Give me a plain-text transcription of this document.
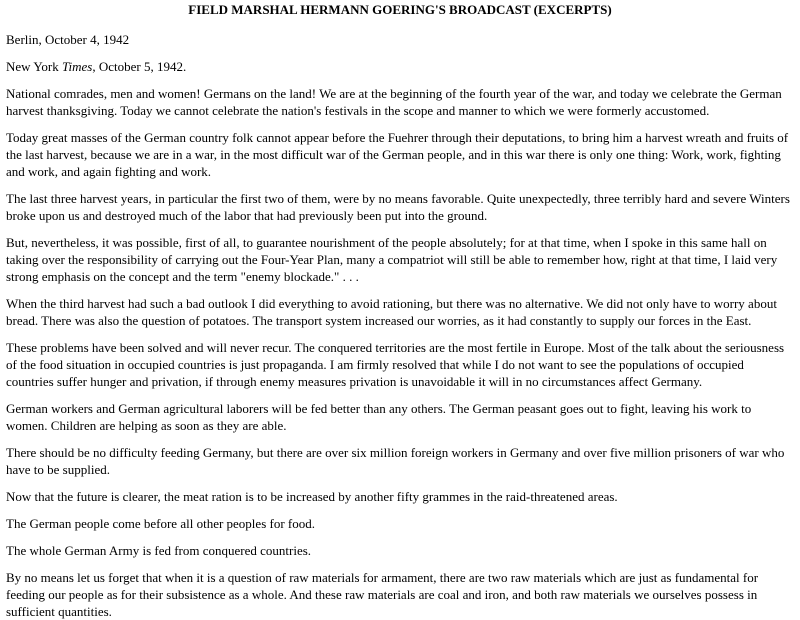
FIELD MARSHAL HERMANN GOERING'S BROADCAST (EXCERPTS)

Berlin, October 4, 1942

New York Times, October 5, 1942.

National comrades, men and women! Germans on the land! We are at the beginning of the fourth year of the war, and today we celebrate the German harvest thanksgiving. Today we cannot celebrate the nation's festivals in the scope and manner to which we were formerly accustomed.

Today great masses of the German country folk cannot appear before the Fuehrer through their deputations, to bring him a harvest wreath and fruits of the last harvest, because we are in a war, in the most difficult war of the German people, and in this war there is only one thing: Work, work, fighting and work, and again fighting and work.

The last three harvest years, in particular the first two of them, were by no means favorable. Quite unexpectedly, three terribly hard and severe Winters broke upon us and destroyed much of the labor that had previously been put into the ground.

But, nevertheless, it was possible, first of all, to guarantee nourishment of the people absolutely; for at that time, when I spoke in this same hall on taking over the responsibility of carrying out the Four-Year Plan, many a compatriot will still be able to remember how, right at that time, I laid very strong emphasis on the concept and the term "enemy blockade." . . .

When the third harvest had such a bad outlook I did everything to avoid rationing, but there was no alternative. We did not only have to worry about bread. There was also the question of potatoes. The transport system increased our worries, as it had constantly to supply our forces in the East.

These problems have been solved and will never recur. The conquered territories are the most fertile in Europe. Most of the talk about the seriousness of the food situation in occupied countries is just propaganda. I am firmly resolved that while I do not want to see the populations of occupied countries suffer hunger and privation, if through enemy measures privation is unavoidable it will in no circumstances affect Germany.

German workers and German agricultural laborers will be fed better than any others. The German peasant goes out to fight, leaving his work to women. Children are helping as soon as they are able.

There should be no difficulty feeding Germany, but there are over six million foreign workers in Germany and over five million prisoners of war who have to be supplied.

Now that the future is clearer, the meat ration is to be increased by another fifty grammes in the raid-threatened areas.

The German people come before all other peoples for food.

The whole German Army is fed from conquered countries.

By no means let us forget that when it is a question of raw materials for armament, there are two raw materials which are just as fundamental for feeding our people as for their subsistence as a whole. And these raw materials are coal and iron, and both raw materials we ourselves possess in sufficient quantities.
